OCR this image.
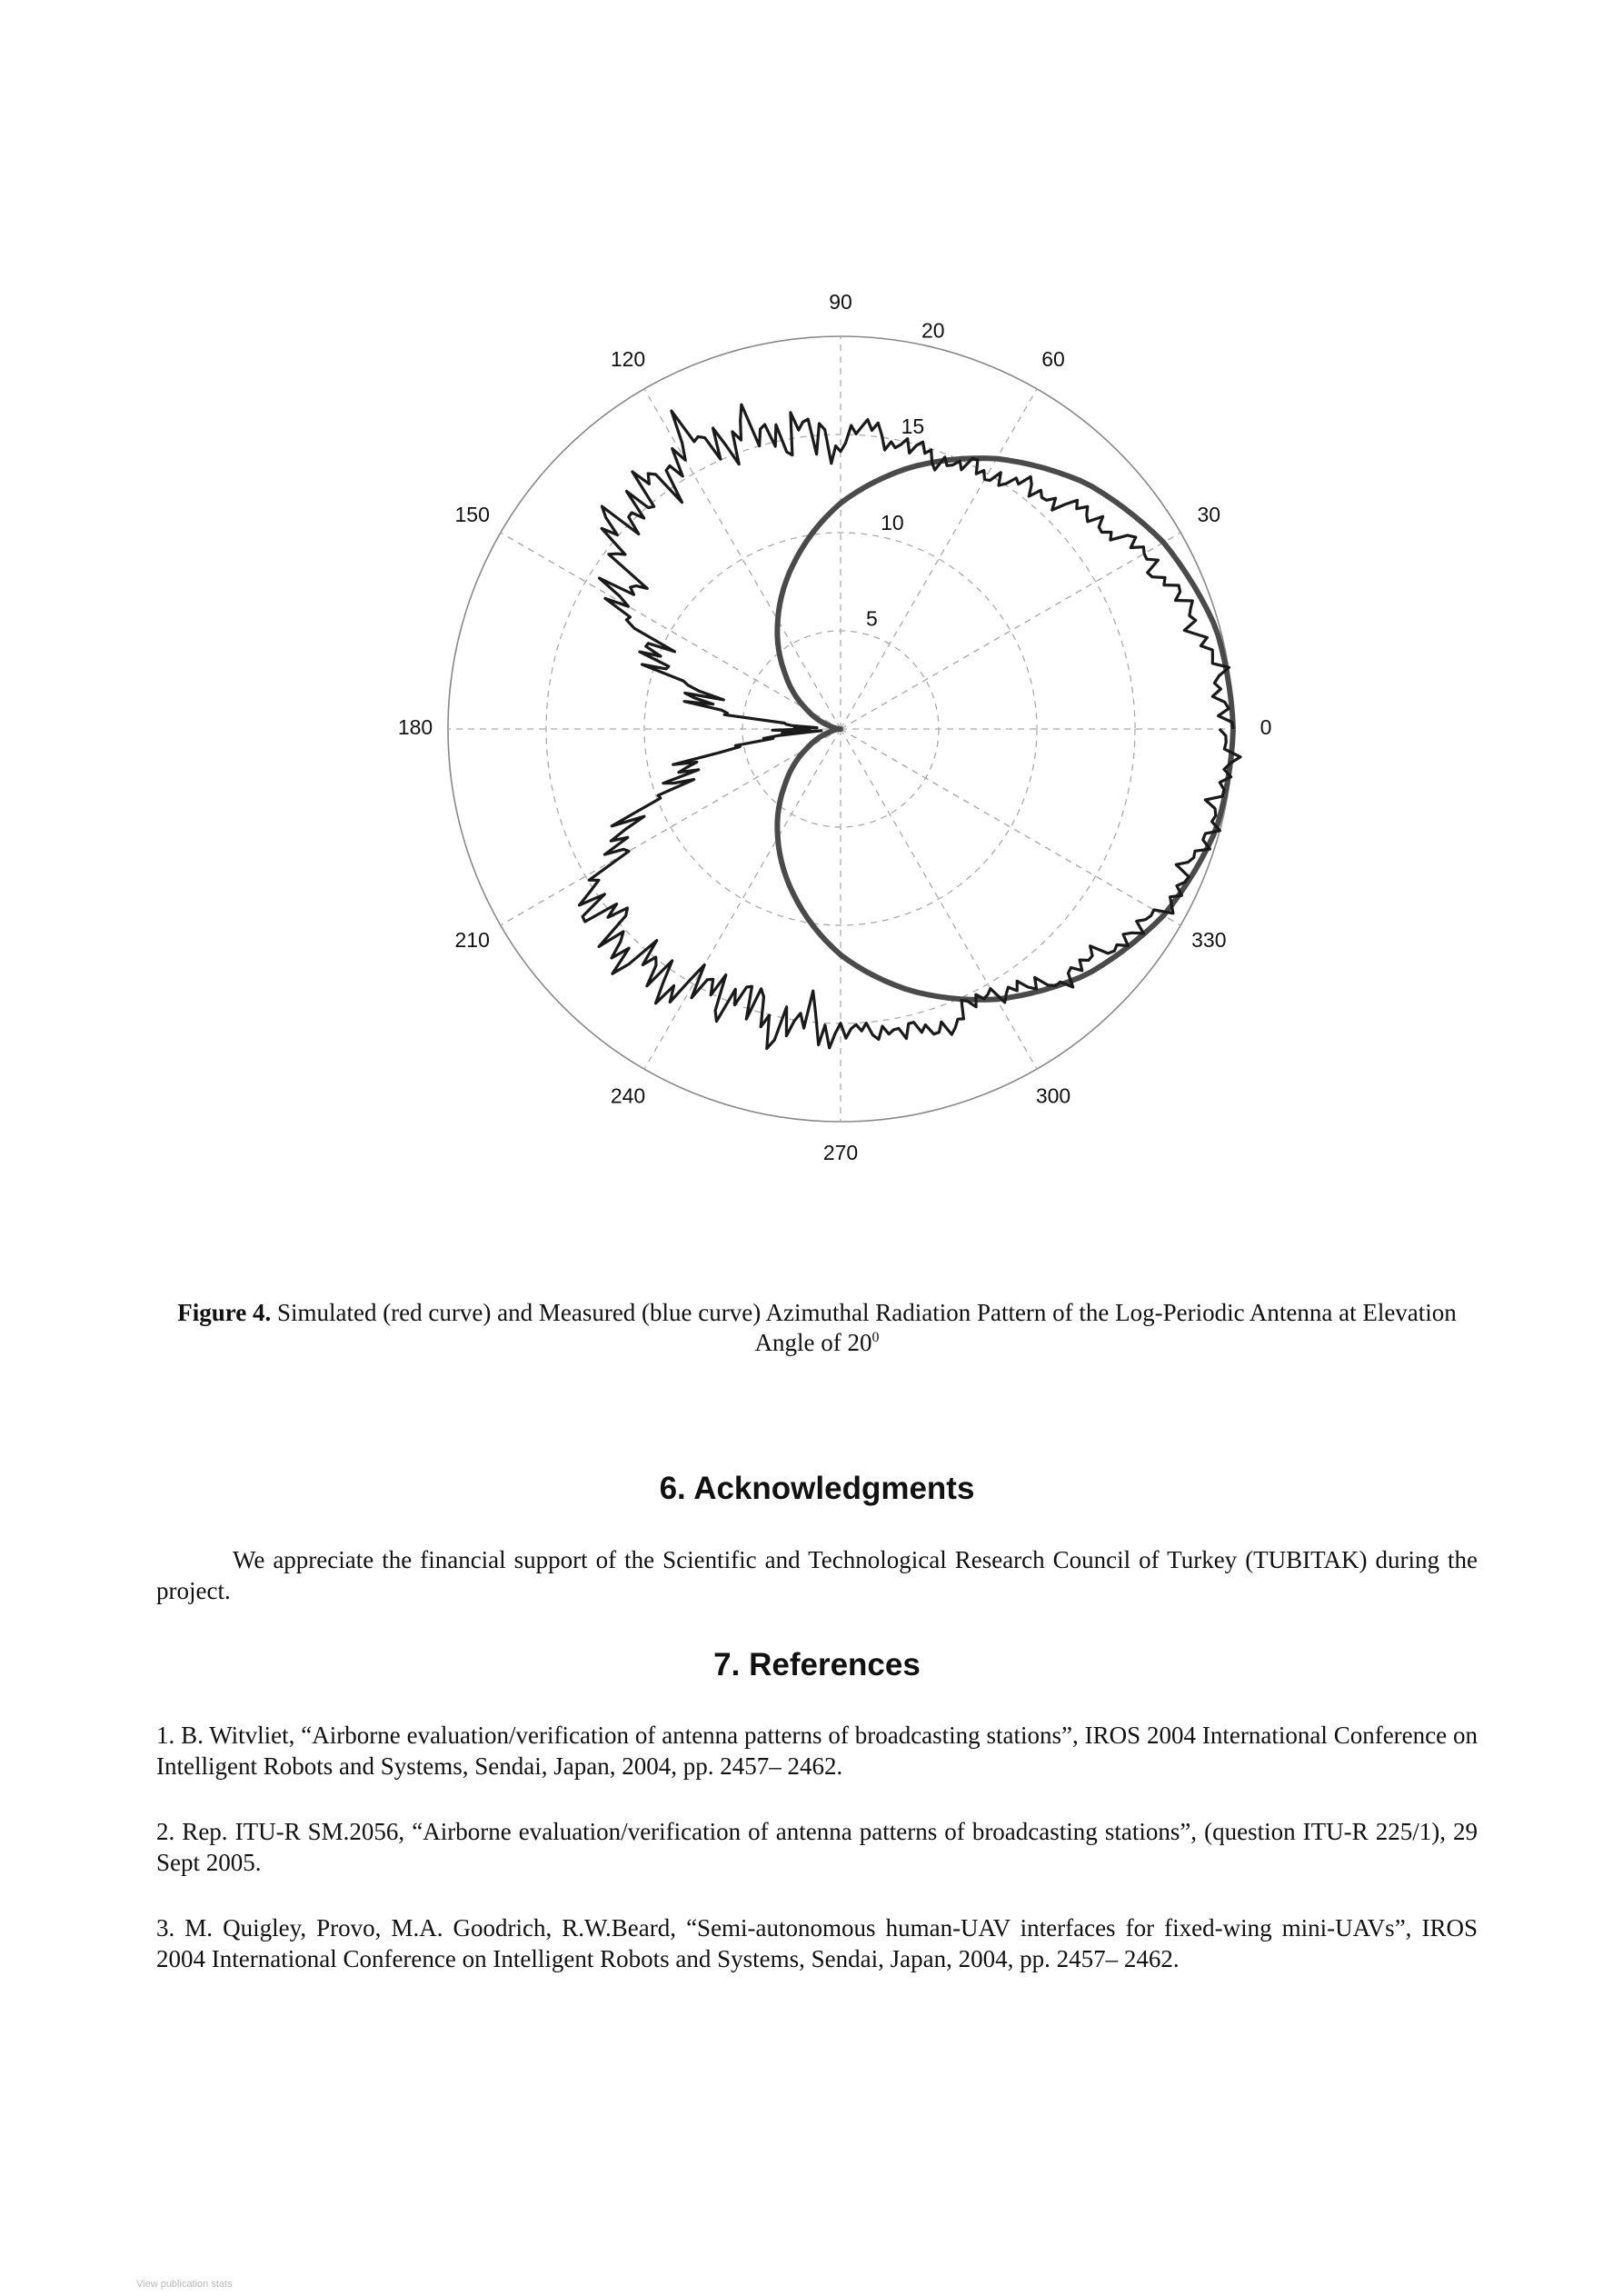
0
30
60
90
120
150
180
210
240
270
300
330
5
10
15
20
Figure 4. Simulated (red curve) and Measured (blue curve) Azimuthal Radiation Pattern of the Log-Periodic Antenna at Elevation Angle of $20^0$
6. Acknowledgments
We appreciate the financial support of the Scientific and Technological Research Council of Turkey (TUBITAK) during the project.
7. References
1. B. Witvliet, “Airborne evaluation/verification of antenna patterns of broadcasting stations”, IROS 2004 International Conference on Intelligent Robots and Systems, Sendai, Japan, 2004, pp. 2457– 2462.
2. Rep. ITU-R SM.2056, “Airborne evaluation/verification of antenna patterns of broadcasting stations”, (question ITU-R 225/1), 29 Sept 2005.
3. M. Quigley, Provo, M.A. Goodrich, R.W.Beard, “Semi-autonomous human-UAV interfaces for fixed-wing mini-UAVs”, IROS 2004 International Conference on Intelligent Robots and Systems, Sendai, Japan, 2004, pp. 2457– 2462.
View publication stats
